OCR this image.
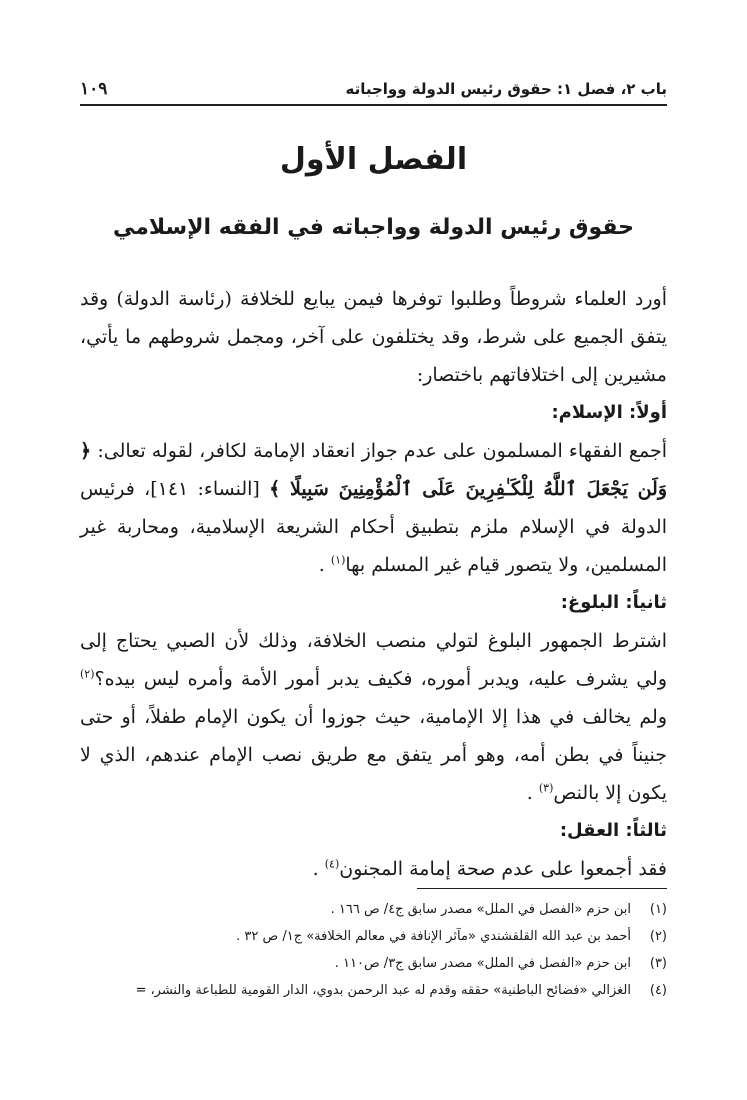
باب ٢، فصل ١: حقوق رئيس الدولة وواجباته
١٠٩
الفصل الأول
حقوق رئيس الدولة وواجباته في الفقه الإسلامي

أورد العلماء شروطاً وطلبوا توفرها فيمن يبايع للخلافة (رئاسة الدولة) وقد يتفق الجميع على شرط، وقد يختلفون على آخر، ومجمل شروطهم ما يأتي، مشيرين إلى اختلافاتهم باختصار:

أولاً: الإسلام:

أجمع الفقهاء المسلمون على عدم جواز انعقاد الإمامة لكافر، لقوله تعالى: ﴿ وَلَن يَجْعَلَ ٱللَّهُ لِلْكَـٰفِرِينَ عَلَى ٱلْمُؤْمِنِينَ سَبِيلًا ﴾ [النساء: ١٤١]، فرئيس الدولة في الإسلام ملزم بتطبيق أحكام الشريعة الإسلامية، ومحاربة غير المسلمين، ولا يتصور قيام غير المسلم بها$^{(١)}$ .

ثانياً: البلوغ:

اشترط الجمهور البلوغ لتولي منصب الخلافة، وذلك لأن الصبي يحتاج إلى ولي يشرف عليه، ويدبر أموره، فكيف يدبر أمور الأمة وأمره ليس بيده؟$^{(٢)}$ ولم يخالف في هذا إلا الإمامية، حيث جوزوا أن يكون الإمام طفلاً، أو حتى جنيناً في بطن أمه، وهو أمر يتفق مع طريق نصب الإمام عندهم، الذي لا يكون إلا بالنص$^{(٣)}$ .

ثالثاً: العقل:

فقد أجمعوا على عدم صحة إمامة المجنون$^{(٤)}$ .

(١)
ابن حزم «الفصل في الملل» مصدر سابق ج٤/ ص ١٦٦ .
(٢)
أحمد بن عبد الله القلقشندي «مآثر الإنافة في معالم الخلافة» ج١/ ص ٣٢ .
(٣)
ابن حزم «الفصل في الملل» مصدر سابق ج٣/ ص١١٠ .
(٤)
الغزالي «فضائح الباطنية» حققه وقدم له عبد الرحمن بدوي، الدار القومية للطباعة والنشر، =
